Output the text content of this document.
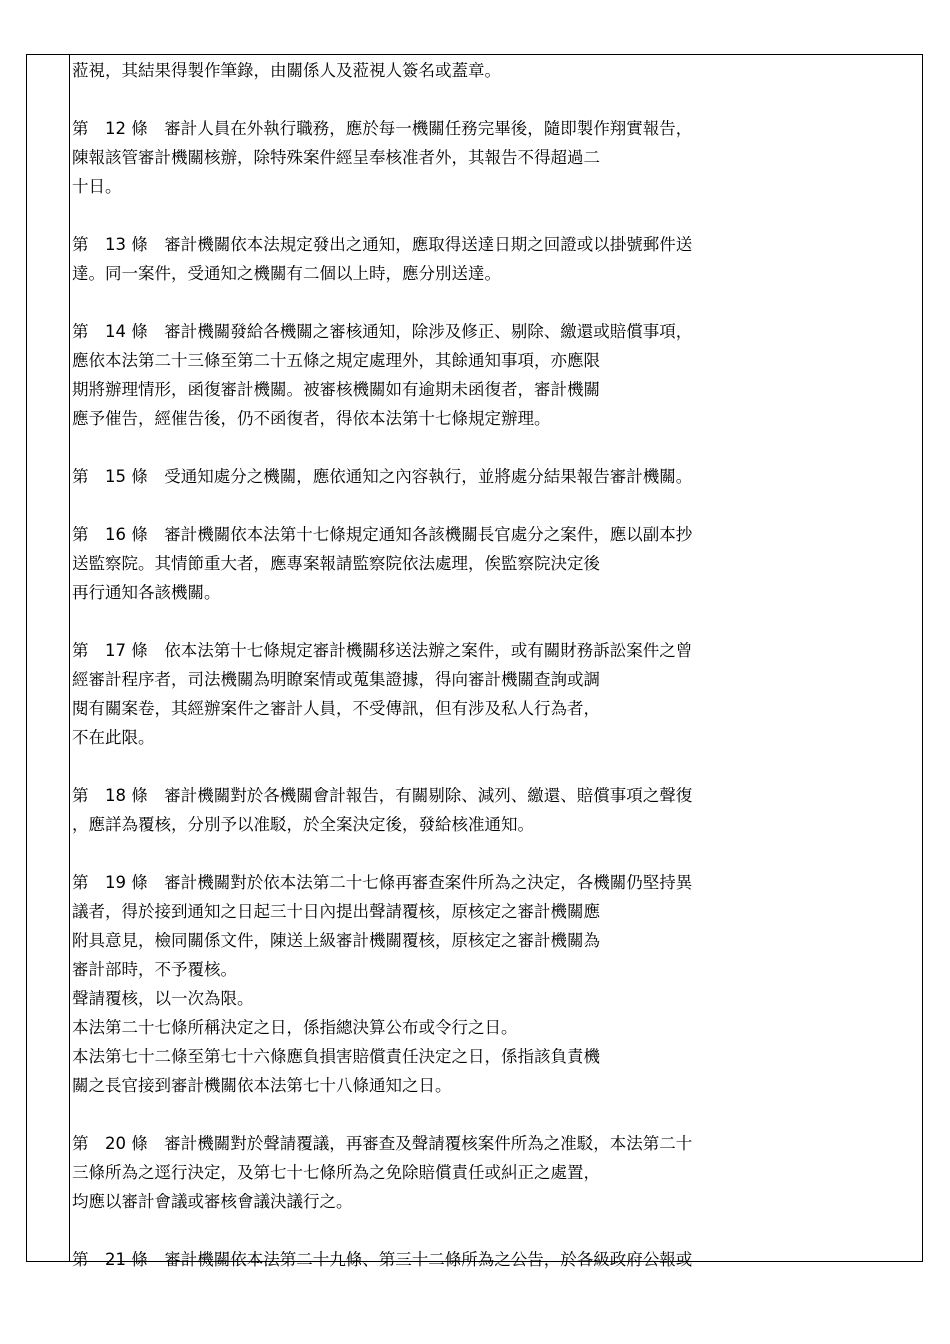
蒞視，其結果得製作筆錄，由關係人及蒞視人簽名或蓋章。
第　12 條　審計人員在外執行職務，應於每一機關任務完畢後，隨即製作翔實報告，
陳報該管審計機關核辦，除特殊案件經呈奉核准者外，其報告不得超過二
十日。
第　13 條　審計機關依本法規定發出之通知，應取得送達日期之回證或以掛號郵件送
達。同一案件，受通知之機關有二個以上時，應分別送達。
第　14 條　審計機關發給各機關之審核通知，除涉及修正、剔除、繳還或賠償事項，
應依本法第二十三條至第二十五條之規定處理外，其餘通知事項，亦應限
期將辦理情形，函復審計機關。被審核機關如有逾期未函復者，審計機關
應予催告，經催告後，仍不函復者，得依本法第十七條規定辦理。
第　15 條　受通知處分之機關，應依通知之內容執行，並將處分結果報告審計機關。
第　16 條　審計機關依本法第十七條規定通知各該機關長官處分之案件，應以副本抄
送監察院。其情節重大者，應專案報請監察院依法處理，俟監察院決定後
再行通知各該機關。
第　17 條　依本法第十七條規定審計機關移送法辦之案件，或有關財務訴訟案件之曾
經審計程序者，司法機關為明瞭案情或蒐集證據，得向審計機關查詢或調
閱有關案卷，其經辦案件之審計人員，不受傳訊，但有涉及私人行為者，
不在此限。
第　18 條　審計機關對於各機關會計報告，有關剔除、減列、繳還、賠償事項之聲復
，應詳為覆核，分別予以准駁，於全案決定後，發給核准通知。
第　19 條　審計機關對於依本法第二十七條再審查案件所為之決定，各機關仍堅持異
議者，得於接到通知之日起三十日內提出聲請覆核，原核定之審計機關應
附具意見，檢同關係文件，陳送上級審計機關覆核，原核定之審計機關為
審計部時，不予覆核。
聲請覆核，以一次為限。
本法第二十七條所稱決定之日，係指總決算公布或令行之日。
本法第七十二條至第七十六條應負損害賠償責任決定之日，係指該負責機
關之長官接到審計機關依本法第七十八條通知之日。
第　20 條　審計機關對於聲請覆議，再審查及聲請覆核案件所為之准駁，本法第二十
三條所為之逕行決定，及第七十七條所為之免除賠償責任或糾正之處置，
均應以審計會議或審核會議決議行之。
第　21 條　審計機關依本法第二十九條、第三十二條所為之公告，於各級政府公報或
